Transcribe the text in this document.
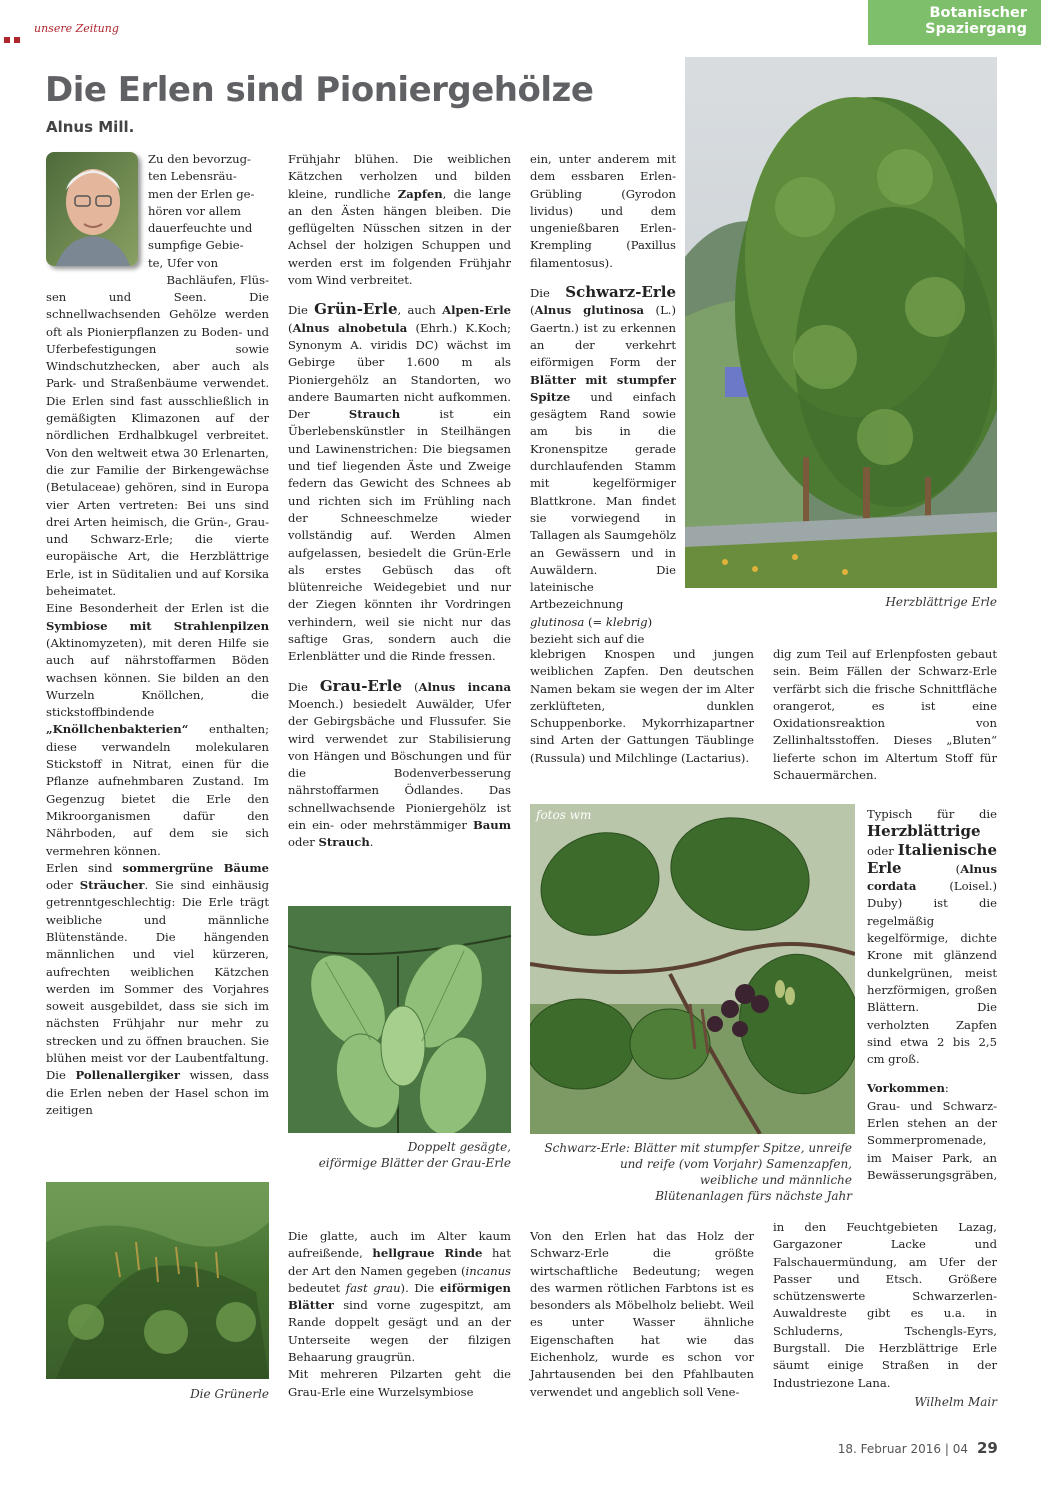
unsere Zeitung
Botanischer
Spaziergang
Die Erlen sind Pioniergehölze
Alnus Mill.

Zu den bevorzug-

ten Lebensräu-

men der Erlen ge-

hören vor allem

dauerfeuchte und

sumpfige Gebie-

te, Ufer von

Bachläufen, Flüs-

sen und Seen. Die schnellwachsenden Gehölze werden oft als Pionierpflanzen zu Boden- und Uferbefestigungen sowie Windschutzhecken, aber auch als Park- und Straßenbäume verwendet. Die Erlen sind fast ausschließlich in gemäßigten Klimazonen auf der nördlichen Erdhalbkugel verbreitet. Von den weltweit etwa 30 Erlenarten, die zur Familie der Birkengewächse (Betulaceae) gehören, sind in Europa vier Arten vertreten: Bei uns sind drei Arten heimisch, die Grün-, Grau- und Schwarz-Erle; die vierte europäische Art, die Herzblättrige Erle, ist in Süditalien und auf Korsika beheimatet.

Eine Besonderheit der Erlen ist die Symbiose mit Strahlenpilzen (Aktinomyzeten), mit deren Hilfe sie auch auf nährstoffarmen Böden wachsen können. Sie bilden an den Wurzeln Knöllchen, die stickstoffbindende „Knöllchenbakterien“ enthalten; diese verwandeln molekularen Stickstoff in Nitrat, einen für die Pflanze aufnehmbaren Zustand. Im Gegenzug bietet die Erle den Mikroorganismen dafür den Nährboden, auf dem sie sich vermehren können.

Erlen sind sommergrüne Bäume oder Sträucher. Sie sind einhäusig getrenntgeschlechtig: Die Erle trägt weibliche und männliche Blütenstände. Die hängenden männlichen und viel kürzeren, aufrechten weiblichen Kätzchen werden im Sommer des Vorjahres soweit ausgebildet, dass sie sich im nächsten Frühjahr nur mehr zu strecken und zu öffnen brauchen. Sie blühen meist vor der Laubentfaltung. Die Pollenallergiker wissen, dass die Erlen neben der Hasel schon im zeitigen

Die Grünerle

Frühjahr blühen. Die weiblichen Kätzchen verholzen und bilden kleine, rundliche Zapfen, die lange an den Ästen hängen bleiben. Die geflügelten Nüsschen sitzen in der Achsel der holzigen Schuppen und werden erst im folgenden Frühjahr vom Wind verbreitet.

Die Grün-Erle, auch Alpen-Erle (Alnus alnobetula (Ehrh.) K.Koch; Synonym A. viridis DC) wächst im Gebirge über 1.600 m als Pioniergehölz an Standorten, wo andere Baumarten nicht aufkommen. Der Strauch ist ein Überlebenskünstler in Steilhängen und Lawinenstrichen: Die biegsamen und tief liegenden Äste und Zweige federn das Gewicht des Schnees ab und richten sich im Frühling nach der Schneeschmelze wieder vollständig auf. Werden Almen aufgelassen, besiedelt die Grün-Erle als erstes Gebüsch das oft blütenreiche Weidegebiet und nur der Ziegen könnten ihr Vordringen verhindern, weil sie nicht nur das saftige Gras, sondern auch die Erlenblätter und die Rinde fressen.

Die Grau-Erle (Alnus incana Moench.) besiedelt Auwälder, Ufer der Gebirgsbäche und Flussufer. Sie wird verwendet zur Stabilisierung von Hängen und Böschungen und für die Bodenverbesserung nährstoffarmen Ödlandes. Das schnellwachsende Pioniergehölz ist ein ein- oder mehrstämmiger Baum oder Strauch.

Doppelt gesägte,
eiförmige Blätter der Grau-Erle

Die glatte, auch im Alter kaum aufreißende, hellgraue Rinde hat der Art den Namen gegeben (incanus bedeutet fast grau). Die eiförmigen Blätter sind vorne zugespitzt, am Rande doppelt gesägt und an der Unterseite wegen der filzigen Behaarung graugrün.

Mit mehreren Pilzarten geht die Grau-Erle eine Wurzelsymbiose

ein, unter anderem mit dem essbaren Erlen-Grübling (Gyrodon lividus) und dem ungenießbaren Erlen-Krempling (Paxillus filamentosus).

Die Schwarz-Erle (Alnus glutinosa (L.) Gaertn.) ist zu erkennen an der verkehrt eiförmigen Form der Blätter mit stumpfer Spitze und einfach gesägtem Rand sowie am bis in die Kronenspitze gerade durchlaufenden Stamm mit kegelförmiger Blattkrone. Man findet sie vorwiegend in Tallagen als Saumgehölz an Gewässern und in Auwäldern. Die lateinische Artbezeichnung glutinosa (= klebrig)

bezieht sich auf die

klebrigen Knospen und jungen weiblichen Zapfen. Den deutschen Namen bekam sie wegen der im Alter zerklüfteten, dunklen Schuppenborke. Mykorrhizapartner sind Arten der Gattungen Täublinge (Russula) und Milchlinge (Lactarius).
Herzblättrige Erle
dig zum Teil auf Erlenpfosten gebaut sein. Beim Fällen der Schwarz-Erle verfärbt sich die frische Schnittfläche orangerot, es ist eine Oxidationsreaktion von Zellinhaltsstoffen. Dieses „Bluten“ lieferte schon im Altertum Stoff für Schauermärchen.
fotos wm
Schwarz-Erle: Blätter mit stumpfer Spitze, unreife
und reife (vom Vorjahr) Samenzapfen,
weibliche und männliche
Blütenanlagen fürs nächste Jahr
Von den Erlen hat das Holz der Schwarz-Erle die größte wirtschaftliche Bedeutung; wegen des warmen rötlichen Farbtons ist es besonders als Möbelholz beliebt. Weil es unter Wasser ähnliche Eigenschaften hat wie das Eichenholz, wurde es schon vor Jahrtausenden bei den Pfahlbauten verwendet und angeblich soll Vene-

Typisch für die Herzblättrige oder Italienische Erle (Alnus cordata (Loisel.) Duby) ist die regelmäßig kegelförmige, dichte Krone mit glänzend dunkelgrünen, meist herzförmigen, großen Blättern. Die verholzten Zapfen sind etwa 2 bis 2,5 cm groß.

Vorkommen:

Grau- und Schwarz-Erlen stehen an der Sommerpromenade, im Maiser Park, an Bewässerungsgräben,

in den Feuchtgebieten Lazag, Gargazoner Lacke und Falschauermündung, am Ufer der Passer und Etsch. Größere schützenswerte Schwarzerlen-Auwaldreste gibt es u.a. in Schluderns, Tschengls-Eyrs, Burgstall. Die Herzblättrige Erle säumt einige Straßen in der Industriezone Lana.
Wilhelm Mair
18. Februar 2016 | 04 29
